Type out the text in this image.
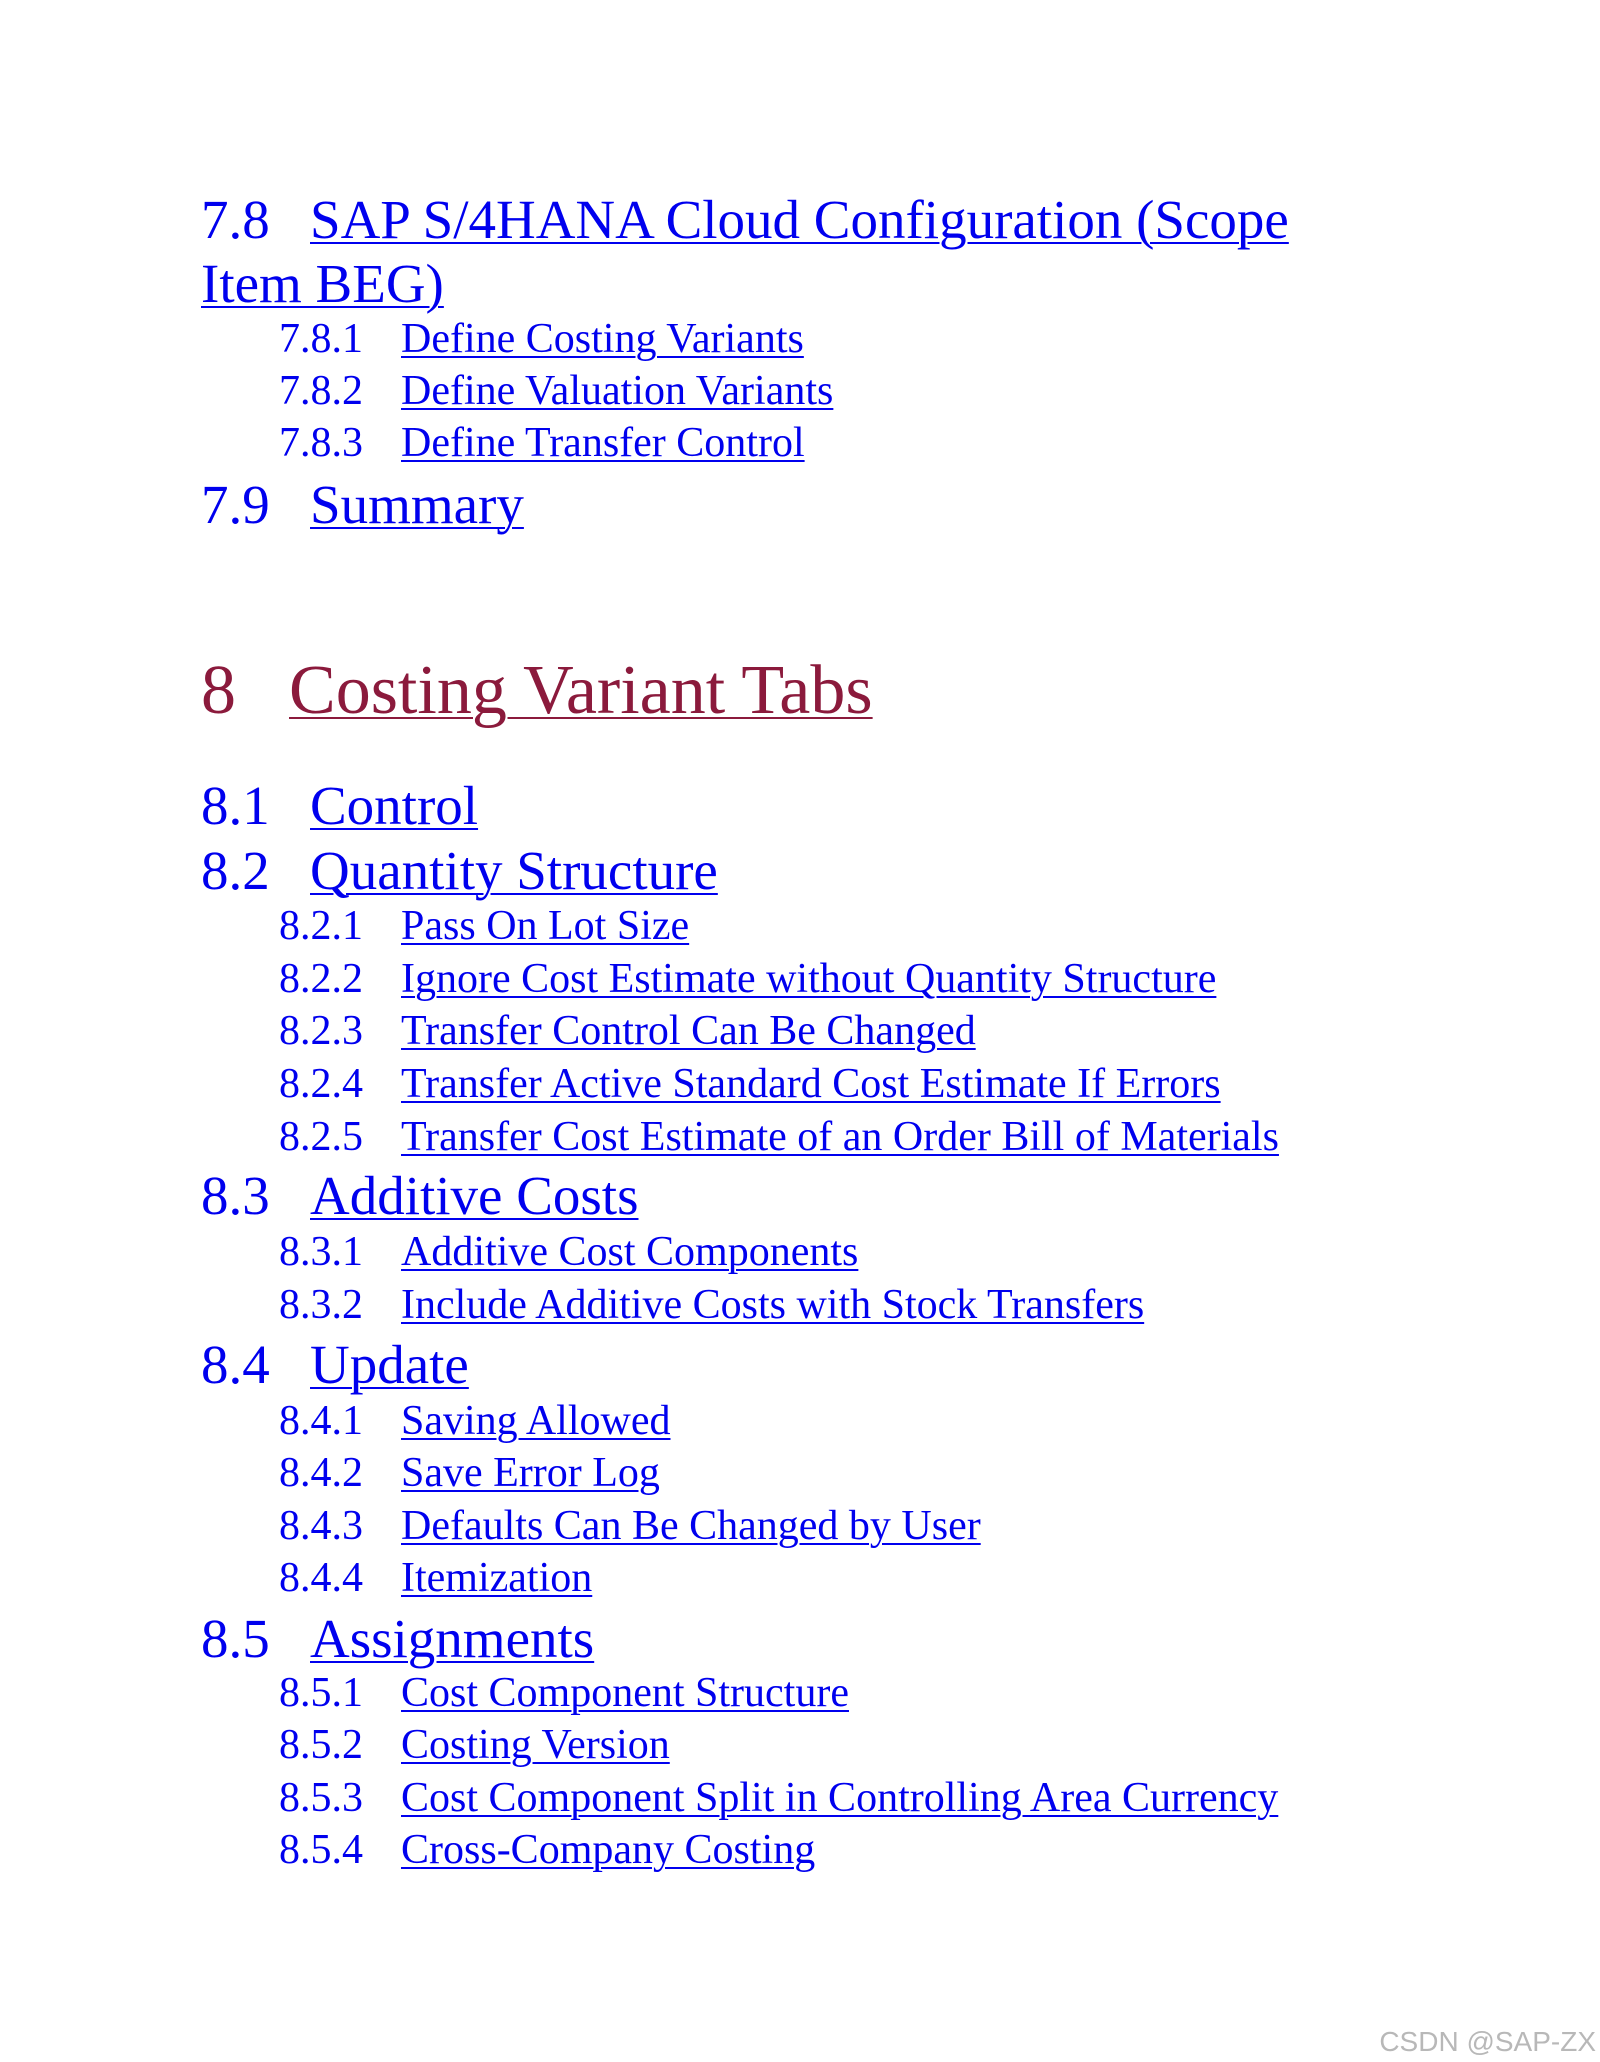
7.8 SAP S/4HANA Cloud Configuration (Scope Item BEG)
7.8.1 Define Costing Variants
7.8.2 Define Valuation Variants
7.8.3 Define Transfer Control
7.9 Summary
8 Costing Variant Tabs
8.1 Control
8.2 Quantity Structure
8.2.1 Pass On Lot Size
8.2.2 Ignore Cost Estimate without Quantity Structure
8.2.3 Transfer Control Can Be Changed
8.2.4 Transfer Active Standard Cost Estimate If Errors
8.2.5 Transfer Cost Estimate of an Order Bill of Materials
8.3 Additive Costs
8.3.1 Additive Cost Components
8.3.2 Include Additive Costs with Stock Transfers
8.4 Update
8.4.1 Saving Allowed
8.4.2 Save Error Log
8.4.3 Defaults Can Be Changed by User
8.4.4 Itemization
8.5 Assignments
8.5.1 Cost Component Structure
8.5.2 Costing Version
8.5.3 Cost Component Split in Controlling Area Currency
8.5.4 Cross-Company Costing
CSDN @SAP-ZX
